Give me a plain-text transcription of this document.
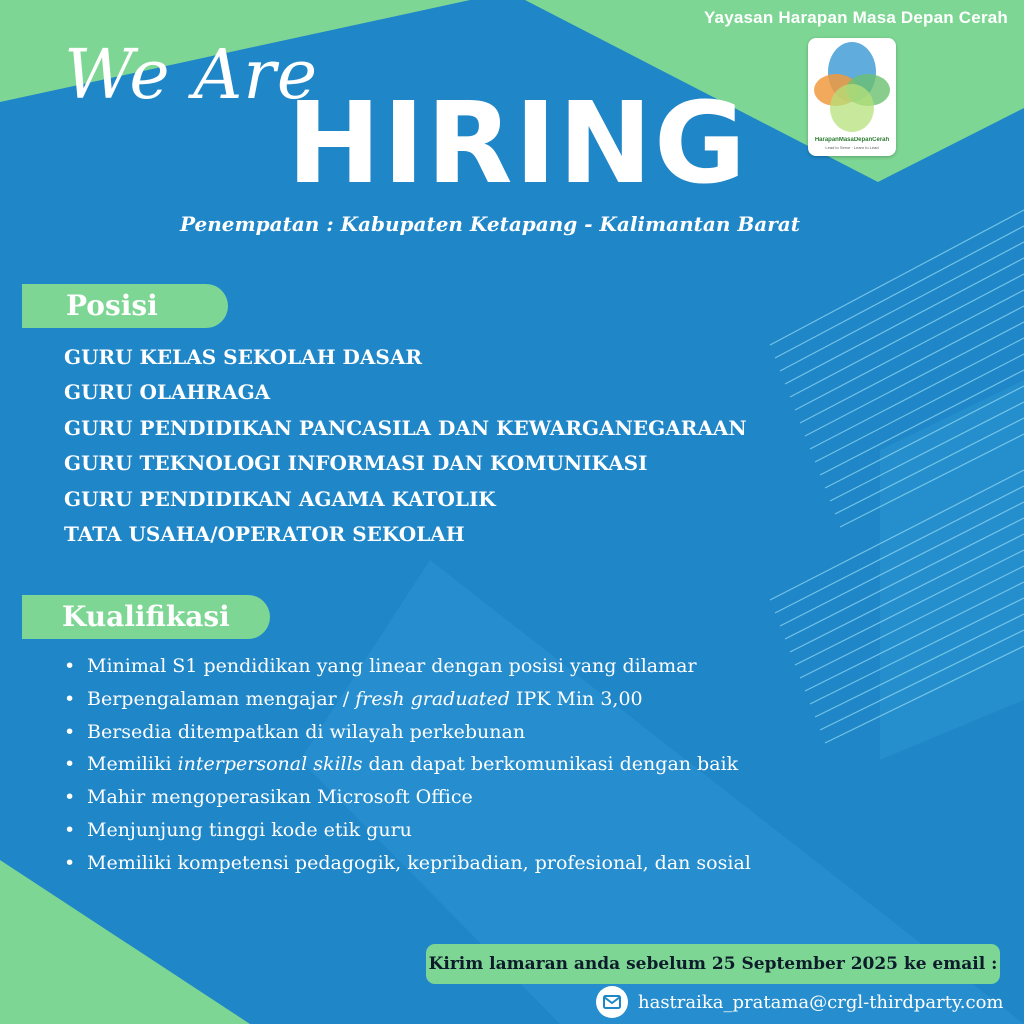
Yayasan Harapan Masa Depan Cerah
HarapanMasaDepanCerah
Lead to Serve · Learn to Lead
We Are
HIRING
Penempatan : Kabupaten Ketapang - Kalimantan Barat
Posisi
GURU KELAS SEKOLAH DASAR
GURU OLAHRAGA
GURU PENDIDIKAN PANCASILA DAN KEWARGANEGARAAN
GURU TEKNOLOGI INFORMASI DAN KOMUNIKASI
GURU PENDIDIKAN AGAMA KATOLIK
TATA USAHA/OPERATOR SEKOLAH
Kualifikasi
• Minimal S1 pendidikan yang linear dengan posisi yang dilamar
• Berpengalaman mengajar / fresh graduated IPK Min 3,00
• Bersedia ditempatkan di wilayah perkebunan
• Memiliki interpersonal skills dan dapat berkomunikasi dengan baik
• Mahir mengoperasikan Microsoft Office
• Menjunjung tinggi kode etik guru
• Memiliki kompetensi pedagogik, kepribadian, profesional, dan sosial
Kirim lamaran anda sebelum 25 September 2025 ke email :
hastraika_pratama@crgl-thirdparty.com
